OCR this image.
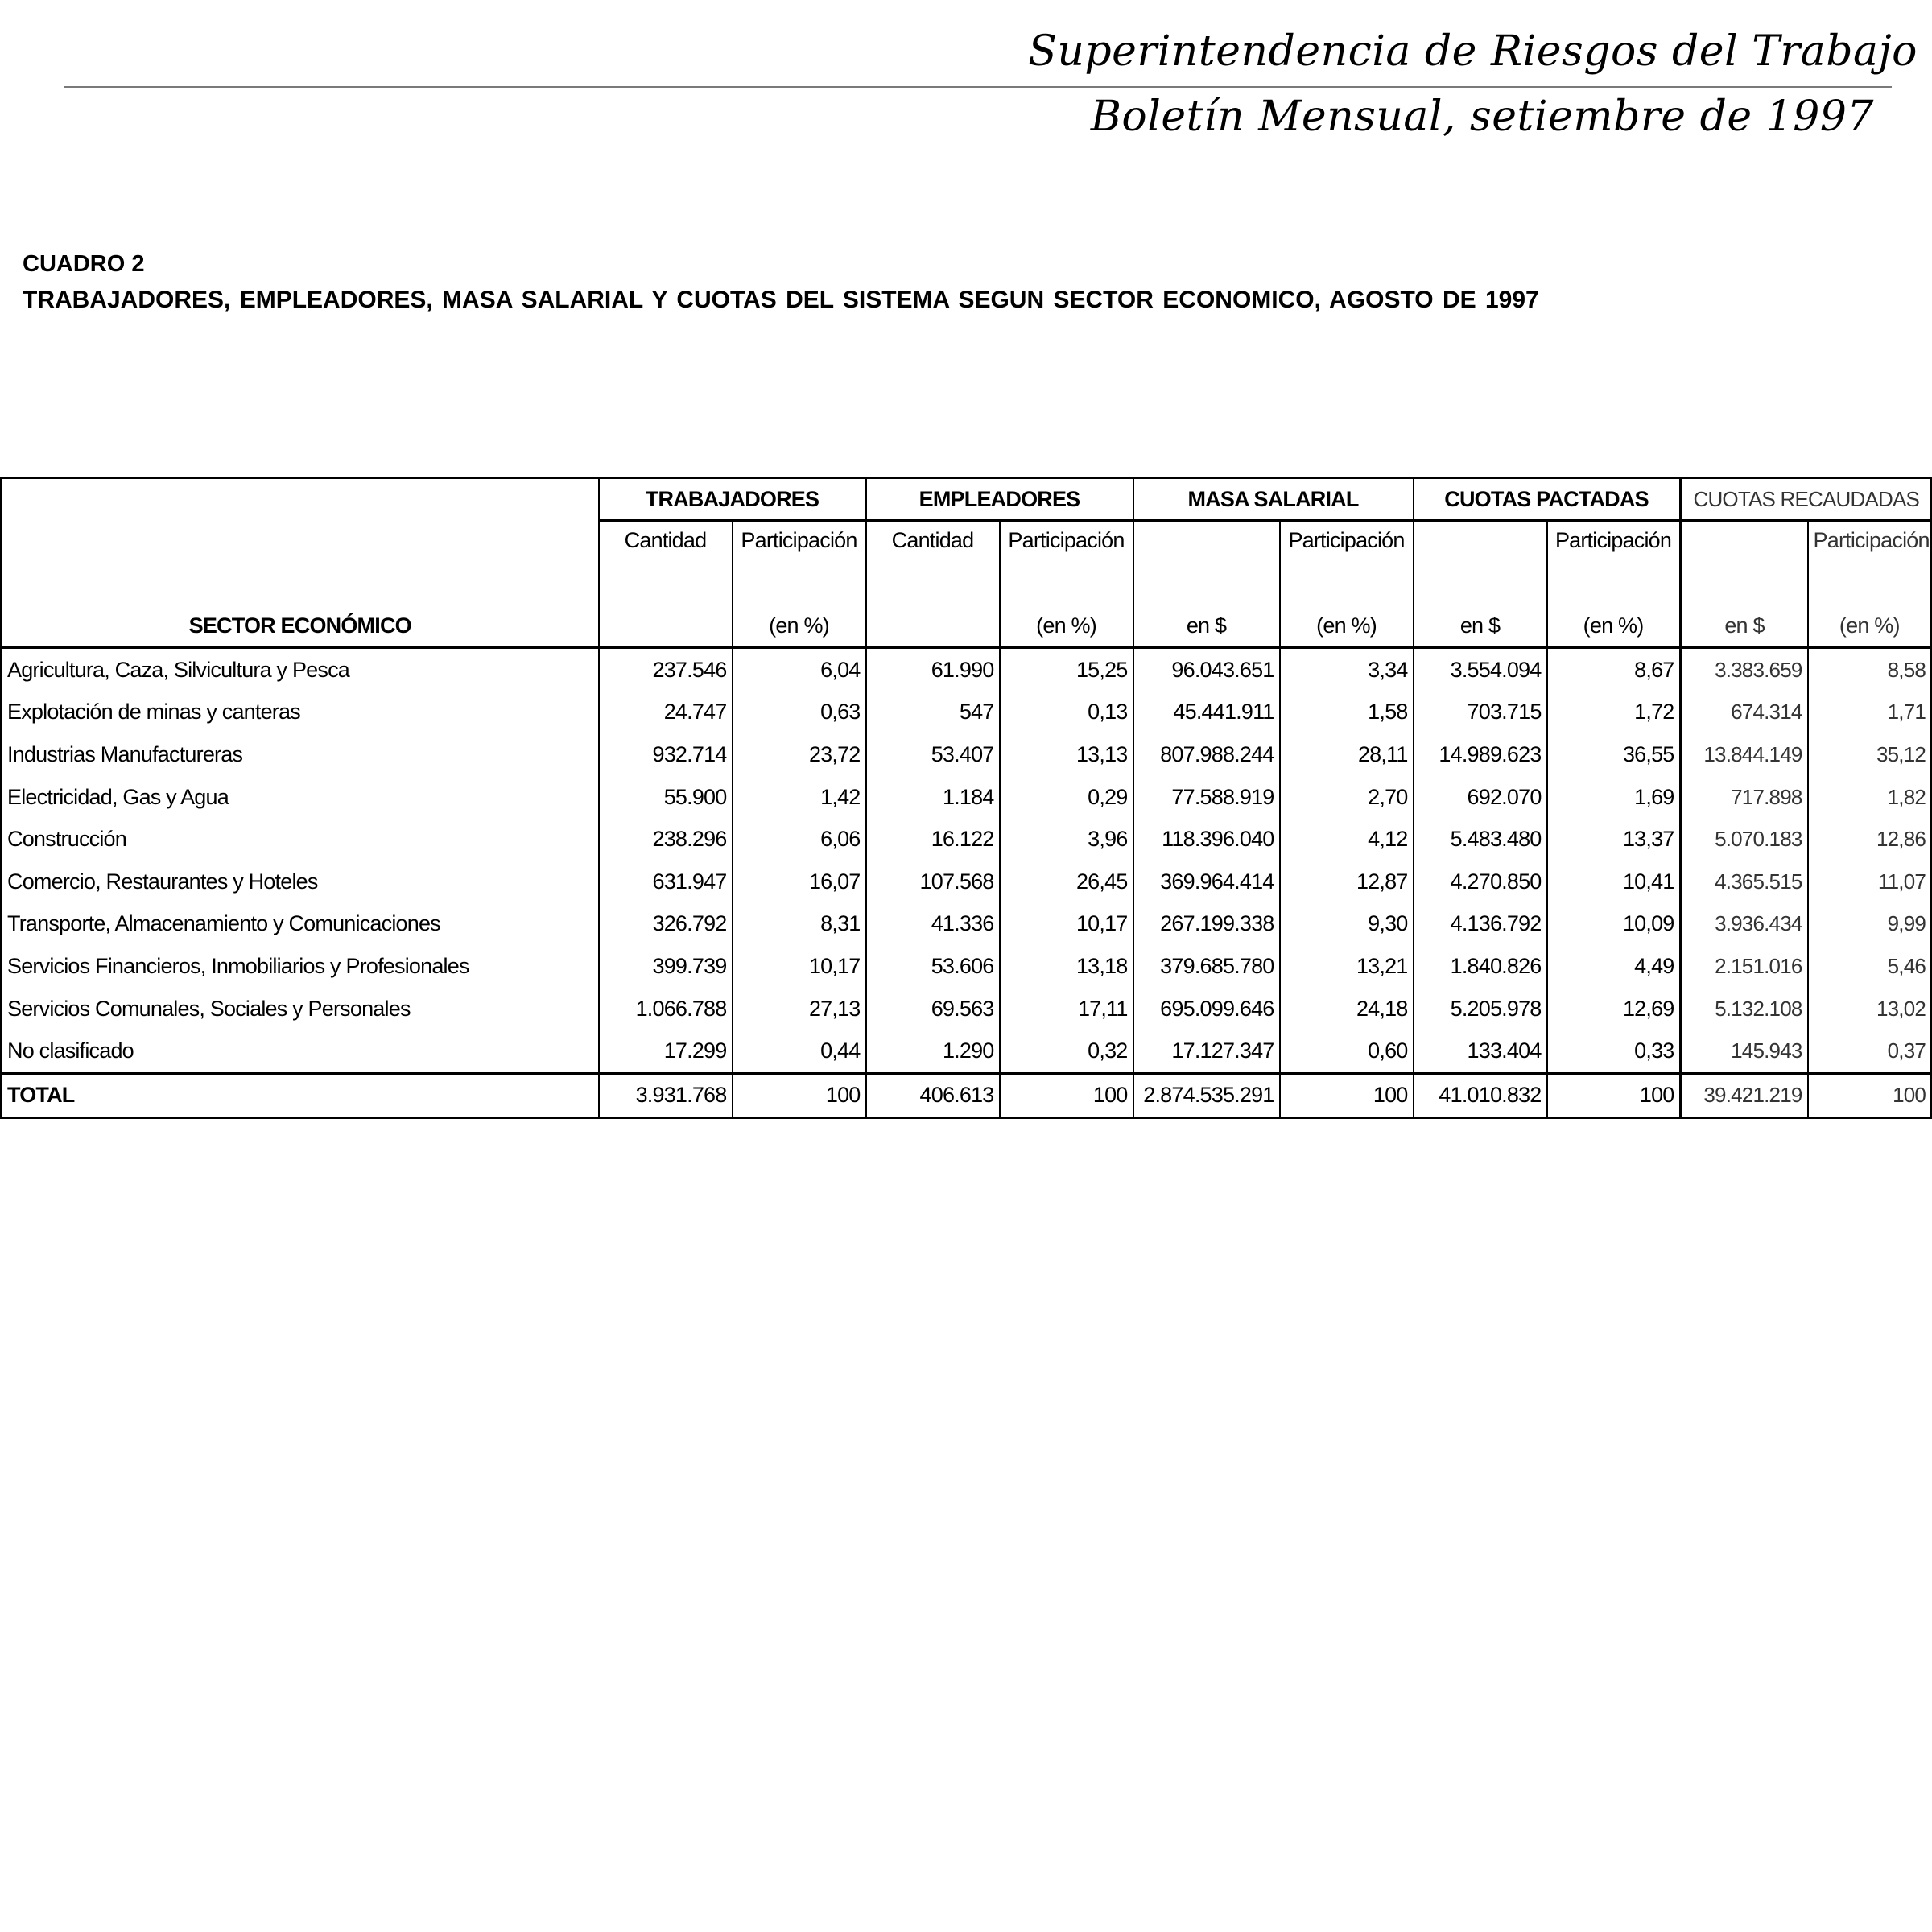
Superintendencia de Riesgos del Trabajo
Boletín Mensual, setiembre de 1997
CUADRO 2
TRABAJADORES, EMPLEADORES, MASA SALARIAL Y CUOTAS DEL SISTEMA SEGUN SECTOR ECONOMICO, AGOSTO DE 1997
	TRABAJADORES		EMPLEADORES		MASA SALARIAL		CUOTAS PACTADAS		CUOTAS RECAUDADAS	
	Cantidad	Participación	Cantidad	Participación		Participación		Participación		Participación
SECTOR ECONÓMICO		(en %)		(en %)	en $	(en %)	en $	(en %)	en $	(en %)
Agricultura, Caza, Silvicultura y Pesca	237.546	6,04	61.990	15,25	96.043.651	3,34	3.554.094	8,67	3.383.659	8,58
Explotación de minas y canteras	24.747	0,63	547	0,13	45.441.911	1,58	703.715	1,72	674.314	1,71
Industrias Manufactureras	932.714	23,72	53.407	13,13	807.988.244	28,11	14.989.623	36,55	13.844.149	35,12
Electricidad, Gas y Agua	55.900	1,42	1.184	0,29	77.588.919	2,70	692.070	1,69	717.898	1,82
Construcción	238.296	6,06	16.122	3,96	118.396.040	4,12	5.483.480	13,37	5.070.183	12,86
Comercio, Restaurantes y Hoteles	631.947	16,07	107.568	26,45	369.964.414	12,87	4.270.850	10,41	4.365.515	11,07
Transporte, Almacenamiento y Comunicaciones	326.792	8,31	41.336	10,17	267.199.338	9,30	4.136.792	10,09	3.936.434	9,99
Servicios Financieros, Inmobiliarios y Profesionales	399.739	10,17	53.606	13,18	379.685.780	13,21	1.840.826	4,49	2.151.016	5,46
Servicios Comunales, Sociales y Personales	1.066.788	27,13	69.563	17,11	695.099.646	24,18	5.205.978	12,69	5.132.108	13,02
No clasificado	17.299	0,44	1.290	0,32	17.127.347	0,60	133.404	0,33	145.943	0,37
TOTAL	3.931.768	100	406.613	100	2.874.535.291	100	41.010.832	100	39.421.219	100
